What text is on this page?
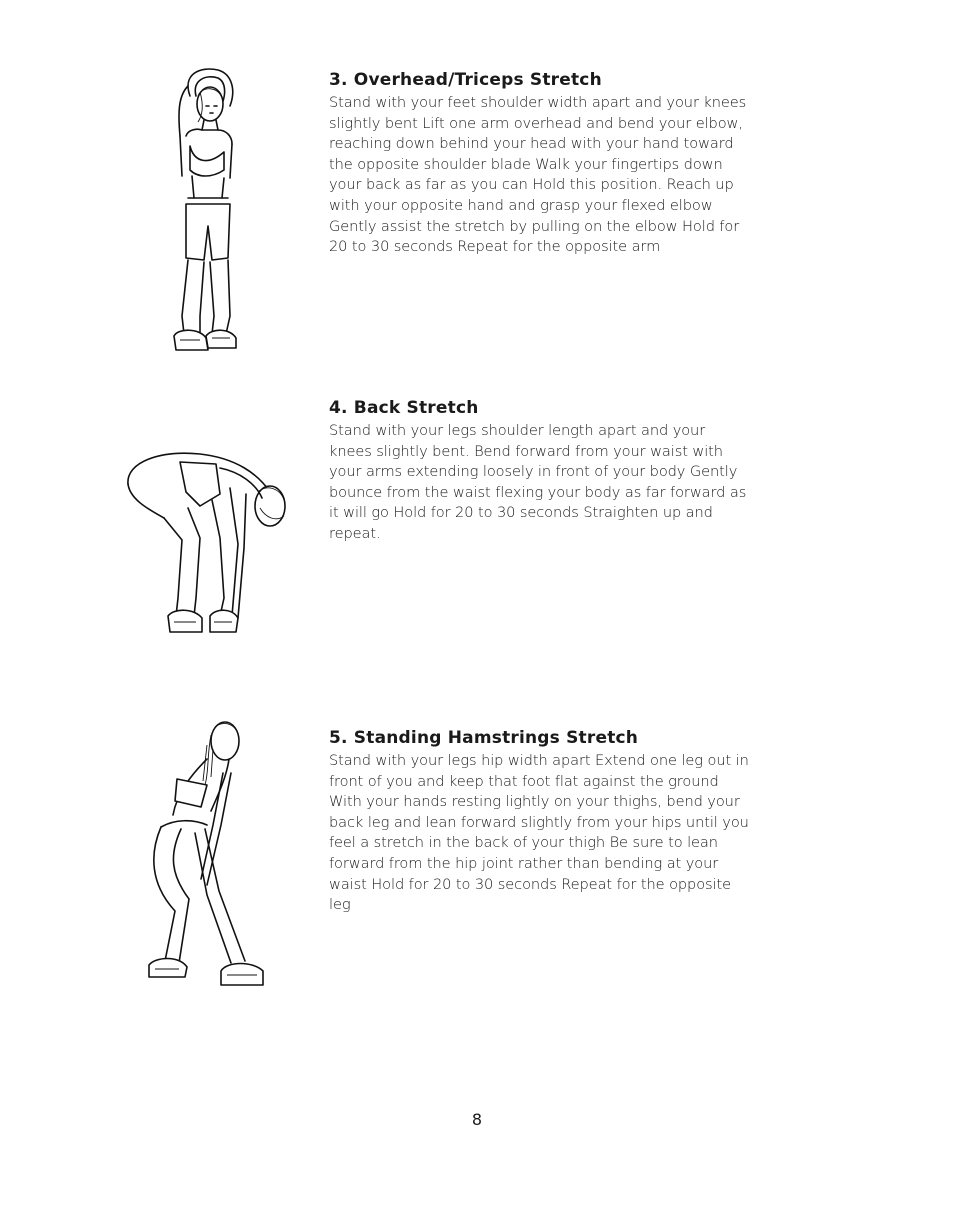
3. Overhead/Triceps Stretch

Stand with your feet shoulder width apart and your knees slightly bent Lift one arm overhead and bend your elbow, reaching down behind your head with your hand toward the opposite shoulder blade Walk your fingertips down your back as far as you can Hold this position. Reach up with your opposite hand and grasp your flexed elbow Gently assist the stretch by pulling on the elbow Hold for 20 to 30 seconds Repeat for the opposite arm

4. Back Stretch

Stand with your legs shoulder length apart and your knees slightly bent. Bend forward from your waist with your arms extending loosely in front of your body Gently bounce from the waist flexing your body as far forward as it will go Hold for 20 to 30 seconds Straighten up and repeat.

5. Standing Hamstrings Stretch

Stand with your legs hip width apart Extend one leg out in front of you and keep that foot flat against the ground With your hands resting lightly on your thighs, bend your back leg and lean forward slightly from your hips until you feel a stretch in the back of your thigh Be sure to lean forward from the hip joint rather than bending at your waist Hold for 20 to 30 seconds Repeat for the opposite leg

8
